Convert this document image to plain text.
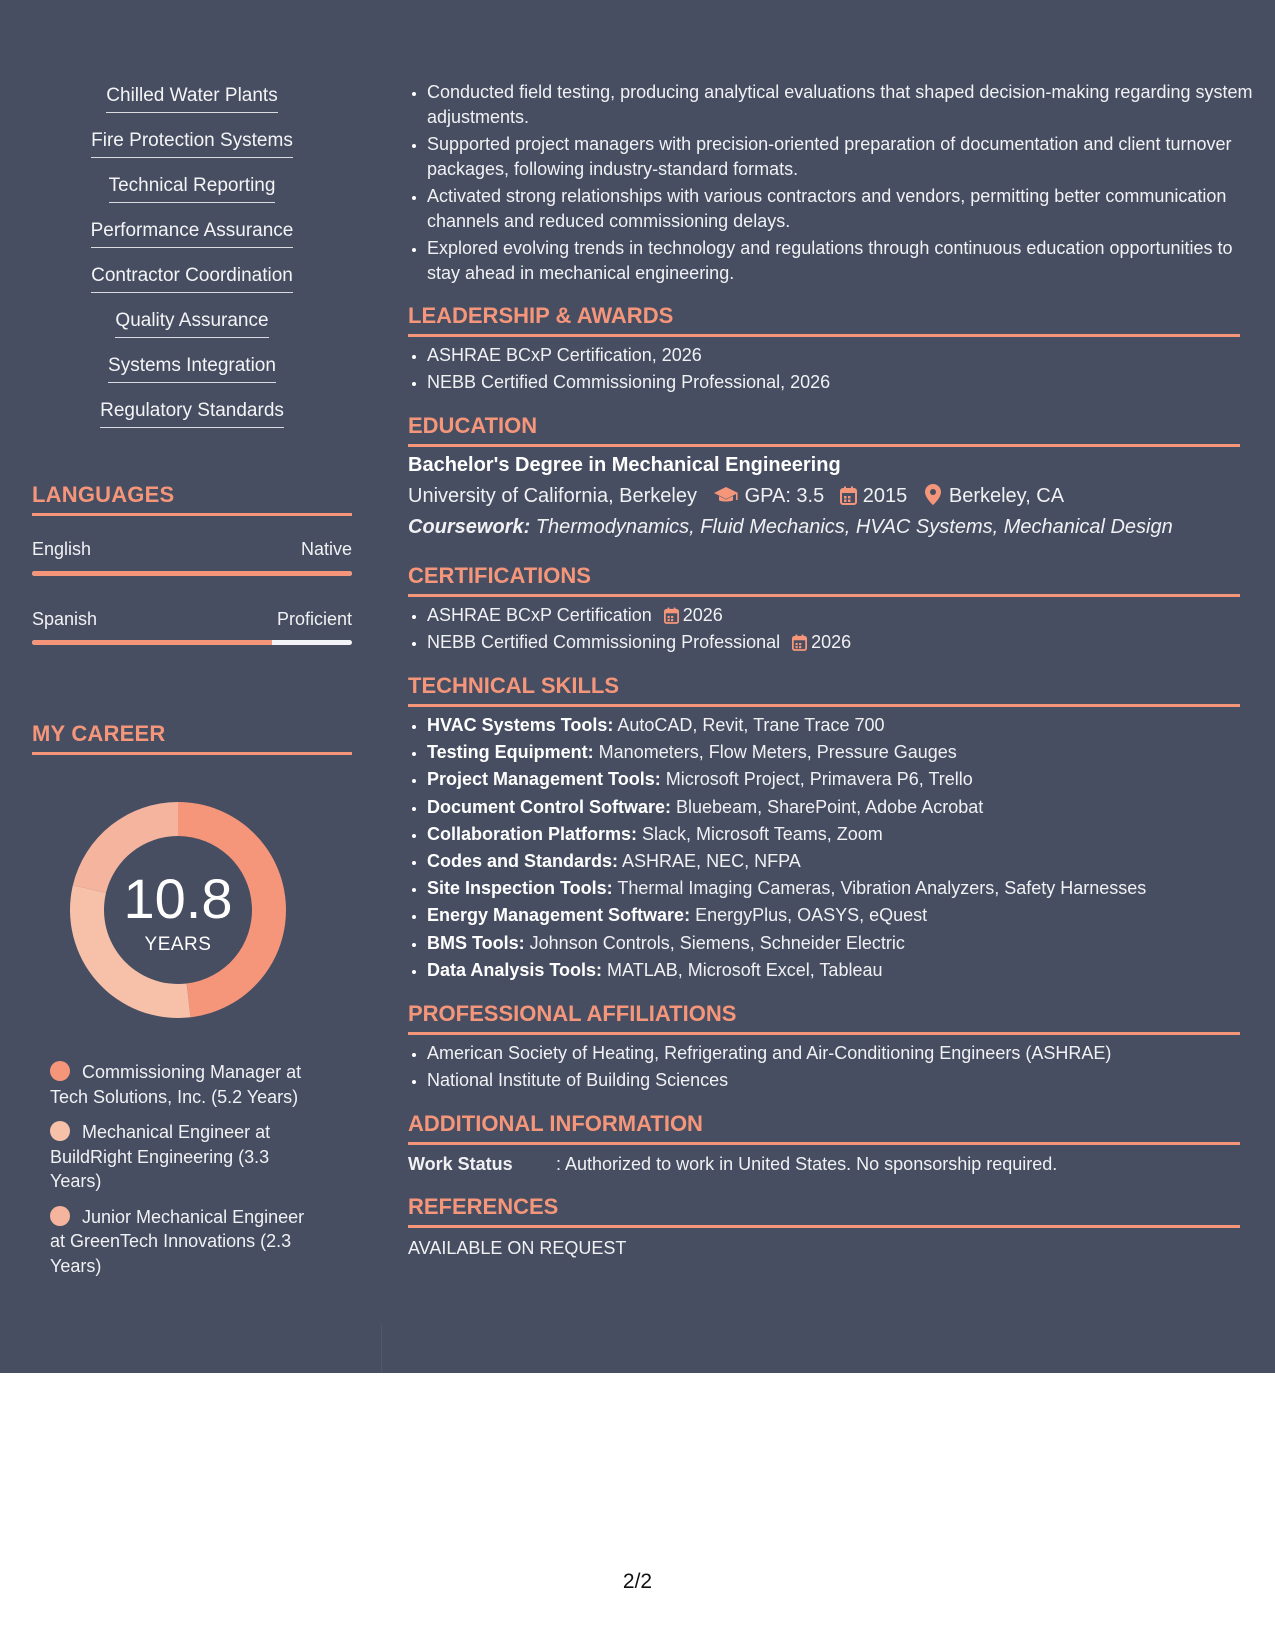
Chilled Water Plants
Fire Protection Systems
Technical Reporting
Performance Assurance
Contractor Coordination
Quality Assurance
Systems Integration
Regulatory Standards
LANGUAGES
English	Native
Spanish	Proficient
MY CAREER
10.8
YEARS
Commissioning Manager at Tech Solutions, Inc. (5.2 Years)
Mechanical Engineer at BuildRight Engineering (3.3 Years)
Junior Mechanical Engineer at GreenTech Innovations (2.3 Years)
• Conducted field testing, producing analytical evaluations that shaped decision-making regarding system adjustments.
• Supported project managers with precision-oriented preparation of documentation and client turnover packages, following industry-standard formats.
• Activated strong relationships with various contractors and vendors, permitting better communication channels and reduced commissioning delays.
• Explored evolving trends in technology and regulations through continuous education opportunities to stay ahead in mechanical engineering.
LEADERSHIP & AWARDS
• ASHRAE BCxP Certification, 2026
• NEBB Certified Commissioning Professional, 2026
EDUCATION
Bachelor's Degree in Mechanical Engineering
University of California, Berkeley GPA: 3.5 2015 Berkeley, CA
Coursework: Thermodynamics, Fluid Mechanics, HVAC Systems, Mechanical Design
CERTIFICATIONS
• ASHRAE BCxP Certification 2026
• NEBB Certified Commissioning Professional 2026
TECHNICAL SKILLS
• HVAC Systems Tools: AutoCAD, Revit, Trane Trace 700
• Testing Equipment: Manometers, Flow Meters, Pressure Gauges
• Project Management Tools: Microsoft Project, Primavera P6, Trello
• Document Control Software: Bluebeam, SharePoint, Adobe Acrobat
• Collaboration Platforms: Slack, Microsoft Teams, Zoom
• Codes and Standards: ASHRAE, NEC, NFPA
• Site Inspection Tools: Thermal Imaging Cameras, Vibration Analyzers, Safety Harnesses
• Energy Management Software: EnergyPlus, OASYS, eQuest
• BMS Tools: Johnson Controls, Siemens, Schneider Electric
• Data Analysis Tools: MATLAB, Microsoft Excel, Tableau
PROFESSIONAL AFFILIATIONS
• American Society of Heating, Refrigerating and Air-Conditioning Engineers (ASHRAE)
• National Institute of Building Sciences
ADDITIONAL INFORMATION
Work Status : Authorized to work in United States. No sponsorship required.
REFERENCES
AVAILABLE ON REQUEST
2/2
